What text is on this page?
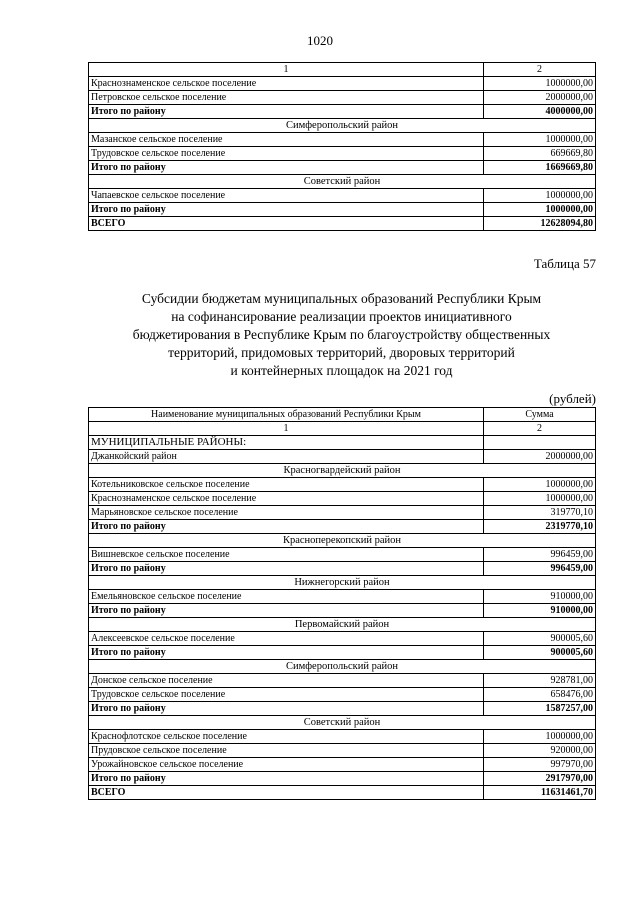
1020
1	2
Краснознаменское сельское поселение	1000000,00
Петровское сельское поселение	2000000,00
Итого по району	4000000,00
Симферопольский район	
Мазанское сельское поселение	1000000,00
Трудовское сельское поселение	669669,80
Итого по району	1669669,80
Советский район	
Чапаевское сельское поселение	1000000,00
Итого по району	1000000,00
ВСЕГО	12628094,80
Таблица 57
Субсидии бюджетам муниципальных образований Республики Крым
на софинансирование реализации проектов инициативного
бюджетирования в Республике Крым по благоустройству общественных
территорий, придомовых территорий, дворовых территорий
и контейнерных площадок на 2021 год
(рублей)
Наименование муниципальных образований Республики Крым	Сумма
1	2
МУНИЦИПАЛЬНЫЕ РАЙОНЫ:	
Джанкойский район	2000000,00
Красногвардейский район	
Котельниковское сельское поселение	1000000,00
Краснознаменское сельское поселение	1000000,00
Марьяновское сельское поселение	319770,10
Итого по району	2319770,10
Красноперекопский район	
Вишневское сельское поселение	996459,00
Итого по району	996459,00
Нижнегорский район	
Емельяновское сельское поселение	910000,00
Итого по району	910000,00
Первомайский район	
Алексеевское сельское поселение	900005,60
Итого по району	900005,60
Симферопольский район	
Донское сельское поселение	928781,00
Трудовское сельское поселение	658476,00
Итого по району	1587257,00
Советский район	
Краснофлотское сельское поселение	1000000,00
Прудовское сельское поселение	920000,00
Урожайновское сельское поселение	997970,00
Итого по району	2917970,00
ВСЕГО	11631461,70
